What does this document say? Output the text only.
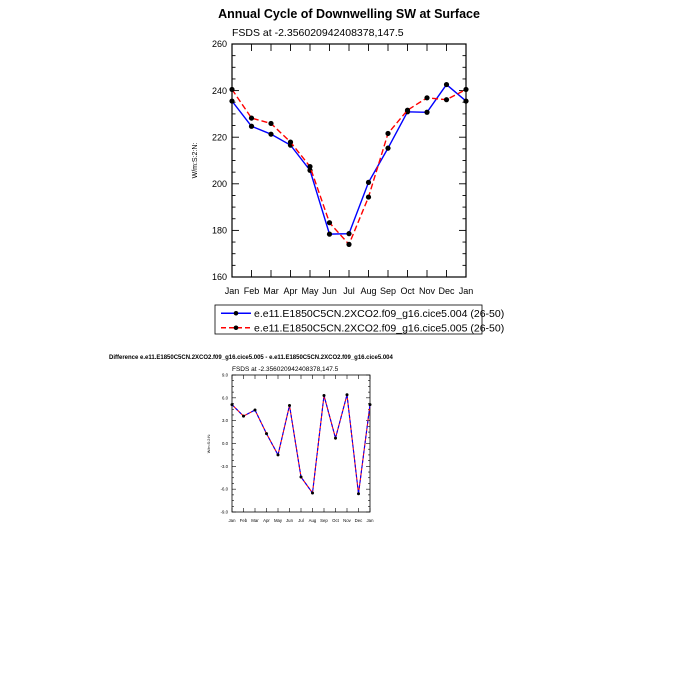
Annual Cycle of Downwelling SW at Surface
FSDS at -2.356020942408378,147.5
160
180
200
220
240
260
Jan Feb Mar Apr May Jun Jul Aug Sep Oct Nov Dec Jan
W/m:S:2:N:
e.e11.E1850C5CN.2XCO2.f09_g16.cice5.004 (26-50)
e.e11.E1850C5CN.2XCO2.f09_g16.cice5.005 (26-50)
Difference e.e11.E1850C5CN.2XCO2.f09_g16.cice5.005 - e.e11.E1850C5CN.2XCO2.f09_g16.cice5.004
FSDS at -2.356020942408378,147.5
-9.0
-6.0
-3.0
0.0
3.0
6.0
9.0
Jan Feb Mar Apr May Jun Jul Aug Sep Oct Nov Dec Jan
W/m:S:2:N:
